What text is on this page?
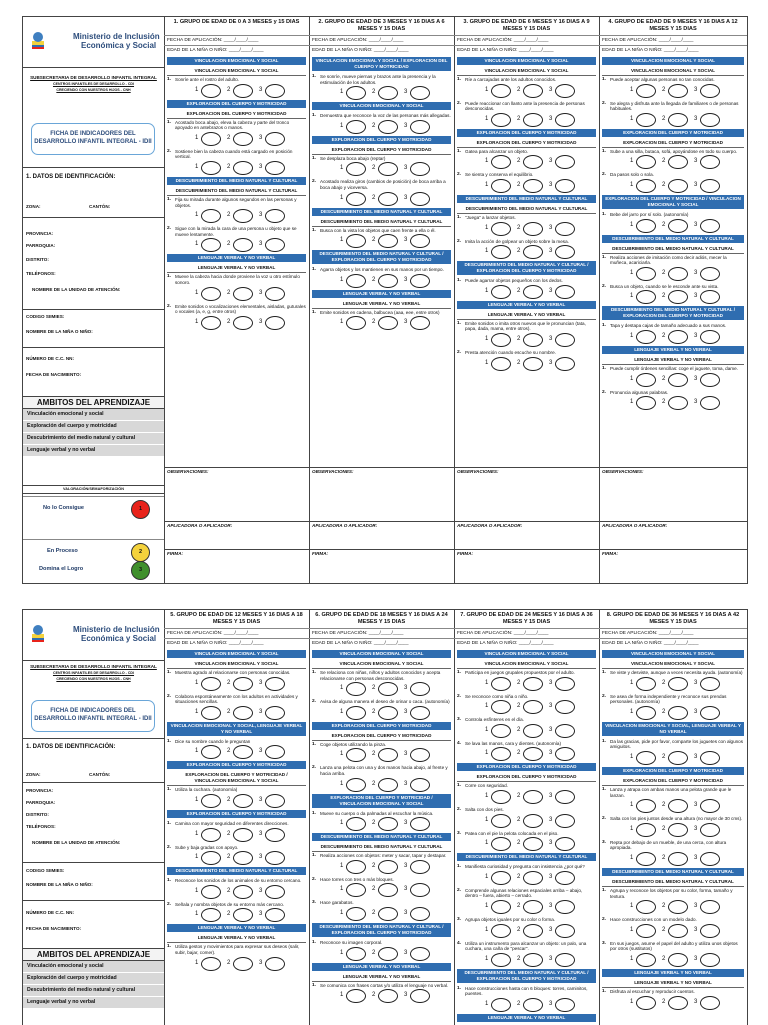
Ministerio de Inclusión
Económica y Social
SUBSECRETARIA DE DESARROLLO INFANTIL INTEGRAL
CENTROS INFANTILES DE DESARROLLO - CDI
CRECIENDO CON NUESTROS HIJOS - CNH
FICHA DE INDICADORES DEL
DESARROLLO INFANTIL INTEGRAL - IDII
1. DATOS DE IDENTIFICACIÓN:
ZONA:	CANTÓN:
PROVINCIA:
PARROQUIA:
DISTRITO:
TELÉFONOS:
NOMBRE DE LA UNIDAD DE ATENCIÓN:
CODIGO SIIMIES:
NOMBRE DE LA NIÑA O NIÑO:
NÚMERO DE C.C. NN:
FECHA DE NACIMIENTO:
AMBITOS DEL APRENDIZAJE
Vinculación emocional y social
Exploración del cuerpo y motricidad
Descubrimiento del medio natural y cultural
Lenguaje verbal y no verbal
VALORACIÓN/SEMAFORIZACIÓN
No lo Consigue	1
En Proceso	2
Domina el Logro	3
1. GRUPO DE EDAD DE 0 A 3 MESES y 15 DIAS
FECHA DE APLICACIÓN: ____/____/____
EDAD DE LA NIÑA O NIÑO: ____/____/____
VINCULACION EMOCIONAL Y SOCIAL
VINCULACION EMOCIONAL Y SOCIAL
1. Sonríe ante el rostro del adulto.
1	2	3
EXPLORACION DEL CUERPO Y MOTRICIDAD
EXPLORACION DEL CUERPO Y MOTRICIDAD
1. Acostado boca abajo, eleva la cabeza y parte del tronco apoyado en antebrazos o manos.
1	2	3
2. Sostiene bien la cabeza cuando está cargado en posición vertical.
1	2	3
DESCUBRIMIENTO DEL MEDIO NATURAL Y CULTURAL
DESCUBRIMIENTO DEL MEDIO NATURAL Y CULTURAL
1. Fija su mirada durante algunos segundos en las personas y objetos.
1	2	3
2. Sigue con la mirada la cara de una persona u objeto que se mueve lentamente.
1	2	3
LENGUAJE VERBAL Y NO VERBAL
LENGUAJE VERBAL Y NO VERBAL
1. Mueve la cabeza hacia donde proviene la voz u otro estímulo sonoro.
1	2	3
2. Emite sonidos o vocalizaciones elementales, aisladas, guturales o vocales (a, e, g, entre otros)
1	2	3
OBSERVACIONES:
APLICADORA O APLICADOR:
FIRMA:
2. GRUPO DE EDAD DE 3 MESES Y 16 DIAS A 6 MESES Y 15 DIAS
FECHA DE APLICACIÓN: ____/____/____
EDAD DE LA NIÑA O NIÑO: ____/____/____
VINCULACION EMOCIONAL Y SOCIAL / EXPLORACION DEL CUERPO Y MOTRICIDAD
1. Se sonríe, mueve piernas y brazos ante la presencia y la estimulación de los adultos.
1	2	3
VINCULACION EMOCIONAL Y SOCIAL
1. Demuestra que reconoce la voz de las personas más allegadas.
1	2	3
EXPLORACION DEL CUERPO Y MOTRICIDAD
EXPLORACION DEL CUERPO Y MOTRICIDAD
1. Se desplaza boca abajo (reptar)
1	2	3
2. Acostado realiza giros (cambios de posición) de boca arriba a boca abajo y viceversa.
1	2	3
DESCUBRIMIENTO DEL MEDIO NATURAL Y CULTURAL
DESCUBRIMIENTO DEL MEDIO NATURAL Y CULTURAL
1. Busca con la vista los objetos que caen frente a ella o él.
1	2	3
DESCUBRIMIENTO DEL MEDIO NATURAL Y CULTURAL / EXPLORACION DEL CUERPO Y MOTRICIDAD
1. Agarra objetos y los mantienen en sus manos por un tiempo.
1	2	3
LENGUAJE VERBAL Y NO VERBAL
LENGUAJE VERBAL Y NO VERBAL
1. Emite sonidos en cadena, balbucea (aaa, eee, entre otros)
1	2	3
OBSERVACIONES:
APLICADORA O APLICADOR:
FIRMA:
3. GRUPO DE EDAD DE 6 MESES Y 16 DIAS A 9 MESES Y 15 DIAS
FECHA DE APLICACIÓN: ____/____/____
EDAD DE LA NIÑA O NIÑO: ____/____/____
VINCULACION EMOCIONAL Y SOCIAL
VINCULACION EMOCIONAL Y SOCIAL
1. Ríe a carcajadas ante los adultos conocidos.
1	2	3
2. Puede reaccionar con llanto ante la presencia de personas desconocidas.
1	2	3
EXPLORACION DEL CUERPO Y MOTRICIDAD
EXPLORACION DEL CUERPO Y MOTRICIDAD
1. Gatea para alcanzar un objeto.
1	2	3
2. Se sienta y conserva el equilibrio.
1	2	3
DESCUBRIMIENTO DEL MEDIO NATURAL Y CULTURAL
DESCUBRIMIENTO DEL MEDIO NATURAL Y CULTURAL
1. "Juega" a lanzar objetos.
1	2	3
2. Imita la acción de golpear un objeto sobre la mesa.
1	2	3
DESCUBRIMIENTO DEL MEDIO NATURAL Y CULTURAL / EXPLORACION DEL CUERPO Y MOTRICIDAD
1. Puede agarrar objetos pequeños con los dedos.
1	2	3
LENGUAJE VERBAL Y NO VERBAL
LENGUAJE VERBAL Y NO VERBAL
1. Emite sonidos o imita otros nuevos que le pronuncian (tata, papa, dada, mama, entre otros).
1	2	3
2. Presta atención cuando escuche su nombre.
1	2	3
OBSERVACIONES:
APLICADORA O APLICADOR:
FIRMA:
4. GRUPO DE EDAD DE 9 MESES Y 16 DIAS A 12 MESES Y 15 DIAS
FECHA DE APLICACIÓN: ____/____/____
EDAD DE LA NIÑA O NIÑO: ____/____/____
VINCULACION EMOCIONAL Y SOCIAL
VINCULACION EMOCIONAL Y SOCIAL
1. Puede aceptar algunas personas no tan conocidas.
1	2	3
2. Se alegra y disfruta ante la llegada de familiares o de personas habituales.
1	2	3
EXPLORACION DEL CUERPO Y MOTRICIDAD
EXPLORACION DEL CUERPO Y MOTRICIDAD
1. Sube a una silla, butaca, sofá, apoyándose en todo su cuerpo.
1	2	3
2. Da pasos solo o sola.
1	2	3
EXPLORACION DEL CUERPO Y MOTRICIDAD / VINCULACION EMOCIONAL Y SOCIAL
1. Bebe del jarro por sí solo. (autonomía)
1	2	3
DESCUBRIMIENTO DEL MEDIO NATURAL Y CULTURAL
DESCUBRIMIENTO DEL MEDIO NATURAL Y CULTURAL
1. Realiza acciones de imitación como decir adiós, mecer la muñeca, acariciarla.
1	2	3
2. Busca un objeto, cuando se le esconde ante su vista.
1	2	3
DESCUBRIMIENTO DEL MEDIO NATURAL Y CULTURAL / EXPLORACION DEL CUERPO Y MOTRICIDAD
1. Tapa y destapa cajas de tamaño adecuado a sus manos.
1	2	3
LENGUAJE VERBAL Y NO VERBAL
LENGUAJE VERBAL Y NO VERBAL
1. Puede cumplir órdenes sencillas: coge el juguete, toma, dame.
1	2	3
2. Pronuncia algunas palabras.
1	2	3
OBSERVACIONES:
APLICADORA O APLICADOR:
FIRMA:
Ministerio de Inclusión
Económica y Social
SUBSECRETARIA DE DESARROLLO INFANTIL INTEGRAL
CENTROS INFANTILES DE DESARROLLO - CDI
CRECIENDO CON NUESTROS HIJOS - CNH
FICHA DE INDICADORES DEL
DESARROLLO INFANTIL INTEGRAL - IDII
1. DATOS DE IDENTIFICACIÓN:
ZONA:	CANTÓN:
PROVINCIA:
PARROQUIA:
DISTRITO:
TELÉFONOS:
NOMBRE DE LA UNIDAD DE ATENCIÓN:
CODIGO SIIMIES:
NOMBRE DE LA NIÑA O NIÑO:
NÚMERO DE C.C. NN:
FECHA DE NACIMIENTO:
AMBITOS DEL APRENDIZAJE
Vinculación emocional y social
Exploración del cuerpo y motricidad
Descubrimiento del medio natural y cultural
Lenguaje verbal y no verbal
5. GRUPO DE EDAD DE 12 MESES Y 16 DIAS A 18 MESES Y 15 DIAS
FECHA DE APLICACIÓN: ____/____/____
EDAD DE LA NIÑA O NIÑO: ____/____/____
VINCULACION EMOCIONAL Y SOCIAL
VINCULACION EMOCIONAL Y SOCIAL
1. Muestra agrado al relacionarse con personas conocidas.
1	2	3
2. Colabora espontáneamente con los adultos en actividades y situaciones sencillas.
1	2	3
VINCULACION EMOCIONAL Y SOCIAL, LENGUAJE VERBAL Y NO VERBAL
1. Dice su nombre cuando le preguntan
1	2	3
EXPLORACION DEL CUERPO Y MOTRICIDAD
EXPLORACION DEL CUERPO Y MOTRICIDAD / VINCULACION EMOCIONAL Y SOCIAL
1. Utiliza la cuchara. (autonomía)
1	2	3
EXPLORACION DEL CUERPO Y MOTRICIDAD
1. Camina con mayor seguridad en diferentes direcciones.
1	2	3
2. Sube y baja gradas con apoyo.
1	2	3
DESCUBRIMIENTO DEL MEDIO NATURAL Y CULTURAL
1. Reconoce los sonidos de los animales de su entorno cercano.
1	2	3
2. Señala y nombra objetos de su entorno más cercano.
1	2	3
LENGUAJE VERBAL Y NO VERBAL
LENGUAJE VERBAL Y NO VERBAL
1. Utiliza gestos y movimientos para expresar sus deseos (salir, subir, bajar, comer).
1	2	3
6. GRUPO DE EDAD DE 18 MESES Y 16 DIAS A 24 MESES Y 15 DIAS
FECHA DE APLICACIÓN: ____/____/____
EDAD DE LA NIÑA O NIÑO: ____/____/____
VINCULACION EMOCIONAL Y SOCIAL
VINCULACION EMOCIONAL Y SOCIAL
1. Se relaciona con niñas, niños y adultos conocidos y acepta relacionarse con personas desconocidas.
1	2	3
2. Avisa de alguna manera el deseo de orinar o caca. (autonomía)
1	2	3
EXPLORACION DEL CUERPO Y MOTRICIDAD
EXPLORACION DEL CUERPO Y MOTRICIDAD
1. Coge objetos utilizando la pinza.
1	2	3
2. Lanza una pelota con una y dos manos hacia abajo, al frente y hacia arriba.
1	2	3
EXPLORACION DEL CUERPO Y MOTRICIDAD / VINCULACION EMOCIONAL Y SOCIAL
1. Mueve su cuerpo o da palmadas al escuchar la música.
1	2	3
DESCUBRIMIENTO DEL MEDIO NATURAL Y CULTURAL
DESCUBRIMIENTO DEL MEDIO NATURAL Y CULTURAL
1. Realiza acciones con objetos: meter y sacar, tapar y destapar.
1	2	3
2. Hace torres con tres o más bloques.
1	2	3
3. Hace garabatos.
1	2	3
DESCUBRIMIENTO DEL MEDIO NATURAL Y CULTURAL / EXPLORACION DEL CUERPO Y MOTRICIDAD
1. Reconoce su imagen corporal.
1	2	3
LENGUAJE VERBAL Y NO VERBAL
LENGUAJE VERBAL Y NO VERBAL
1. Se comunica con frases cortas y/o utiliza el lenguaje no verbal.
1	2	3
7. GRUPO DE EDAD DE 24 MESES Y 16 DIAS A 36 MESES Y 15 DIAS
FECHA DE APLICACIÓN: ____/____/____
EDAD DE LA NIÑA O NIÑO: ____/____/____
VINCULACION EMOCIONAL Y SOCIAL
VINCULACION EMOCIONAL Y SOCIAL
1. Participa en juegos grupales propuestos por el adulto.
1	2	3
2. Se reconoce como niña o niño.
1	2	3
3. Controla esfínteres en el día.
1	2	3
4. Se lava las manos, cara y dientes. (autonomía)
1	2	3
EXPLORACION DEL CUERPO Y MOTRICIDAD
EXPLORACION DEL CUERPO Y MOTRICIDAD
1. Corre con seguridad.
1	2	3
2. Salta con dos pies.
1	2	3
3. Patea con el pie la pelota colocada en el piso.
1	2	3
DESCUBRIMIENTO DEL MEDIO NATURAL Y CULTURAL
1. Manifiesta curiosidad y pregunta con insistencia ¿por qué?
1	2	3
2. Comprende algunas relaciones espaciales arriba – abajo, dentro – fuera, abierto – cerrado.
1	2	3
3. Agrupa objetos iguales por su color o forma.
1	2	3
4. Utiliza un instrumento para alcanzar un objeto: un palo, una cuchara, una caña de "pescar".
1	2	3
DESCUBRIMIENTO DEL MEDIO NATURAL Y CULTURAL / EXPLORACION DEL CUERPO Y MOTRICIDAD
1. Hace construcciones hasta con 6 bloques: torres, caminitos, puentes.
1	2	3
LENGUAJE VERBAL Y NO VERBAL
8. GRUPO DE EDAD DE 36 MESES Y 16 DIAS A 42 MESES Y 15 DIAS
FECHA DE APLICACIÓN: ____/____/____
EDAD DE LA NIÑA O NIÑO: ____/____/____
VINCULACION EMOCIONAL Y SOCIAL
VINCULACION EMOCIONAL Y SOCIAL
1. Se viste y desviste, aunque a veces necesita ayuda. (autonomía)
1	2	3
2. Se asea de forma independiente y reconoce sus prendas personales. (autonomía)
1	2	3
VINCULACION EMOCIONAL Y SOCIAL, LENGUAJE VERBAL Y NO VERBAL
1. Da las gracias, pide por favor, comparte los juguetes con algunos amiguitos.
1	2	3
EXPLORACION DEL CUERPO Y MOTRICIDAD
EXPLORACION DEL CUERPO Y MOTRICIDAD
1. Lanza y atrapa con ambas manos una pelota grande que le lanzan.
1	2	3
2. Salta con los pies juntos desde una altura (no mayor de 30 cms).
1	2	3
3. Repta por debajo de un mueble, de una cerca, con altura apropiada.
1	2	3
DESCUBRIMIENTO DEL MEDIO NATURAL Y CULTURAL
DESCUBRIMIENTO DEL MEDIO NATURAL Y CULTURAL
1. Agrupa y reconoce los objetos por su color, forma, tamaño y textura.
1	2	3
2. Hace construcciones con un modelo dado.
1	2	3
3. En sus juegos, asume el papel del adulto y utiliza unos objetos por otros (sustitutos)
1	2	3
LENGUAJE VERBAL Y NO VERBAL
LENGUAJE VERBAL Y NO VERBAL
1. Disfruta al escuchar y reproducir cuentos.
1	2	3
